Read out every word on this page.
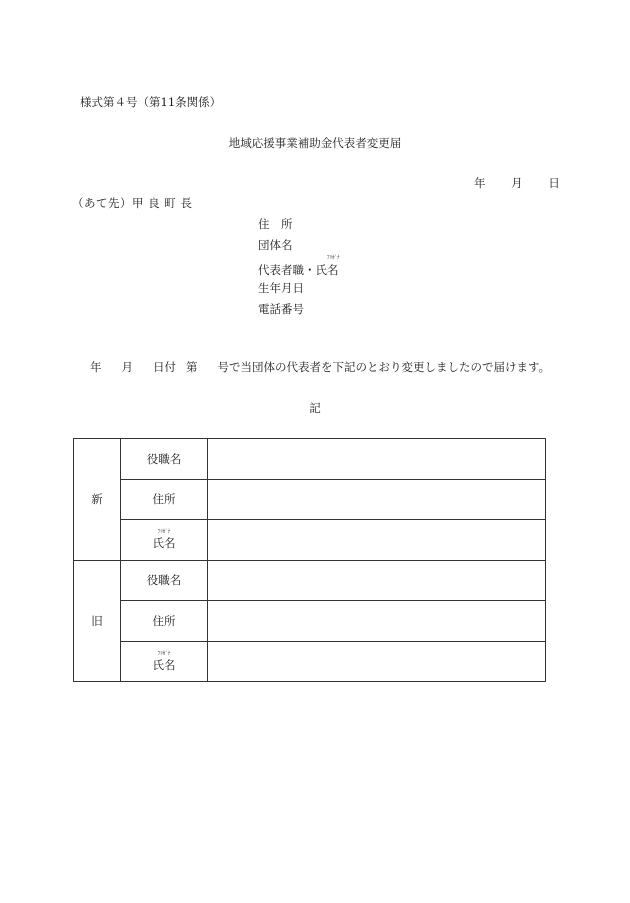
様式第４号（第11条関係）
地域応援事業補助金代表者変更届
年 月 日
（あて先）甲 良 町 長
住　所
団体名
ﾌﾘｶﾞﾅ
代表者職・氏名
生年月日
電話番号
年 月 日付 第 号で当団体の代表者を下記のとおり変更しましたので届けます。
記
新	役職名	
	住所	

	ﾌﾘｶﾞﾅ
氏名	

旧	役職名	
	住所	

	ﾌﾘｶﾞﾅ
氏名	
